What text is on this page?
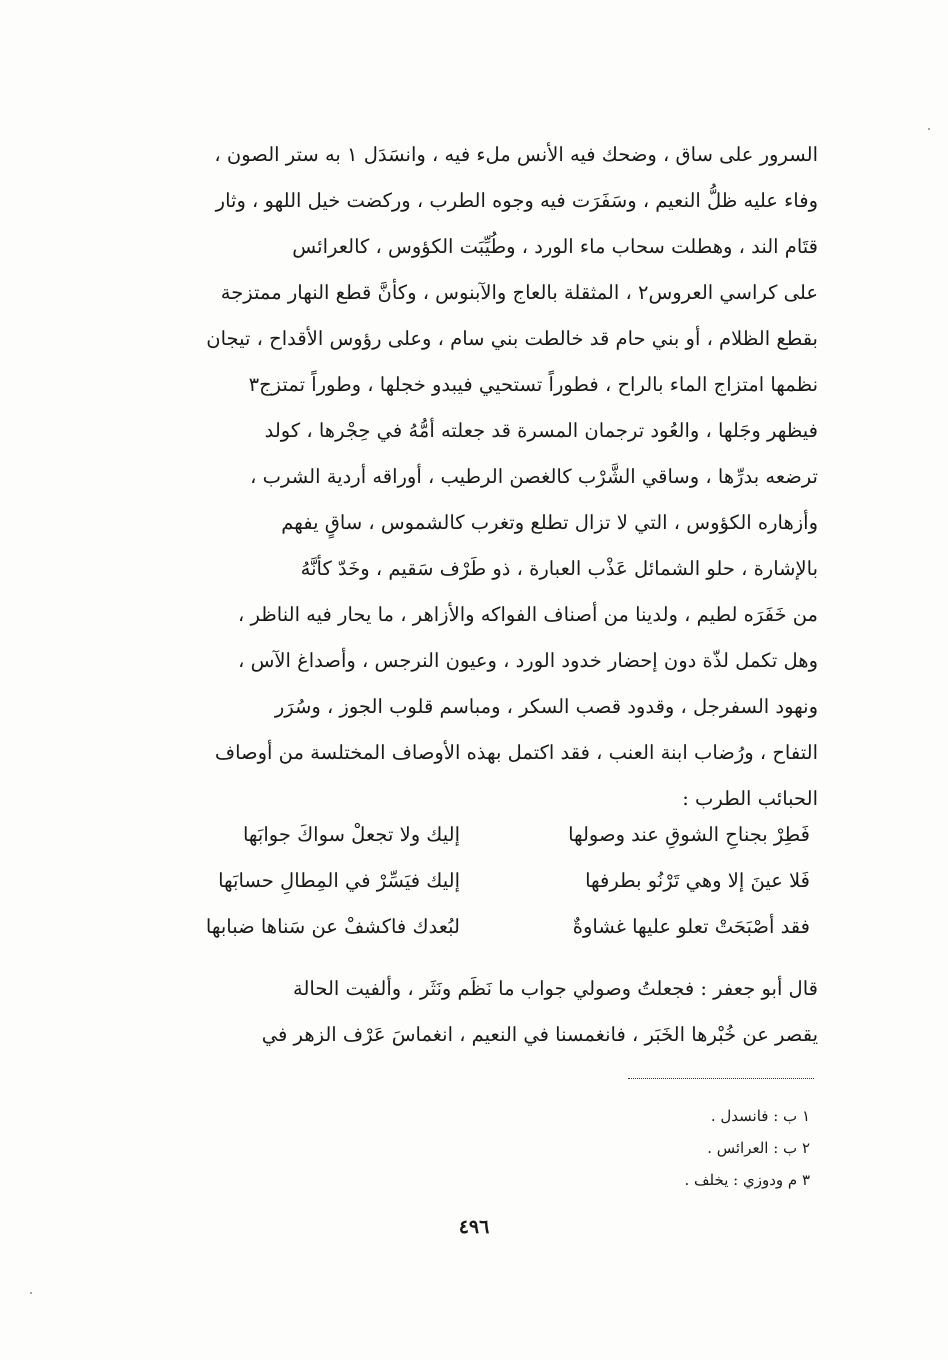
السرور على ساق ، وضحك فيه الأنس ملء فيه ، وانسَدَل ١ به ستر الصون ،
وفاء عليه ظلُّ النعيم ، وسَفَرَت فيه وجوه الطرب ، وركضت خيل اللهو ، وثار
قتَام الند ، وهطلت سحاب ماء الورد ، وطُيِّبَت الكؤوس ، كالعرائس
على كراسي العروس٢ ، المثقلة بالعاج والآبنوس ، وكأنَّ قطع النهار ممتزجة
بقطع الظلام ، أو بني حام قد خالطت بني سام ، وعلى رؤوس الأقداح ، تيجان
نظمها امتزاج الماء بالراح ، فطوراً تستحيي فيبدو خجلها ، وطوراً تمتزج٣
فيظهر وجَلها ، والعُود ترجمان المسرة قد جعلته أمُّهُ في حِجْرها ، كولد
ترضعه بدرِّها ، وساقي الشَّرْب كالغصن الرطيب ، أوراقه أردية الشرب ،
وأزهاره الكؤوس ، التي لا تزال تطلع وتغرب كالشموس ، ساقٍ يفهم
بالإشارة ، حلو الشمائل عَذْب العبارة ، ذو طَرْف سَقيم ، وخَدّ كأنَّهُ
من خَفَرَه لطيم ، ولدينا من أصناف الفواكه والأزاهر ، ما يحار فيه الناظر ،
وهل تكمل لذّة دون إحضار خدود الورد ، وعيون النرجس ، وأصداغ الآس ،
ونهود السفرجل ، وقدود قصب السكر ، ومباسم قلوب الجوز ، وسُرَر
التفاح ، ورُضاب ابنة العنب ، فقد اكتمل بهذه الأوصاف المختلسة من أوصاف
الحبائب الطرب :
فَطِرْ بجناحِ الشوقِ عند وصولها
إليك ولا تجعلْ سواكَ جوابَها
فَلا عينَ إلا وهي تَرْنُو بطرفها
إليك فيَسِّرْ في المِطالِ حسابَها
فقد أصْبَحَتْ تعلو عليها غشاوةٌ
لبُعدك فاكشفْ عن سَناها ضبابها
قال أبو جعفر : فجعلتُ وصولي جواب ما نَظَم ونَثَر ، وألفيت الحالة
يقصر عن خُبْرها الخَبَر ، فانغمسنا في النعيم ، انغماسَ عَرْف الزهر في
١ ب : فانسدل .
٢ ب : العرائس .
٣ م ودوزي : يخلف .
٤٩٦
